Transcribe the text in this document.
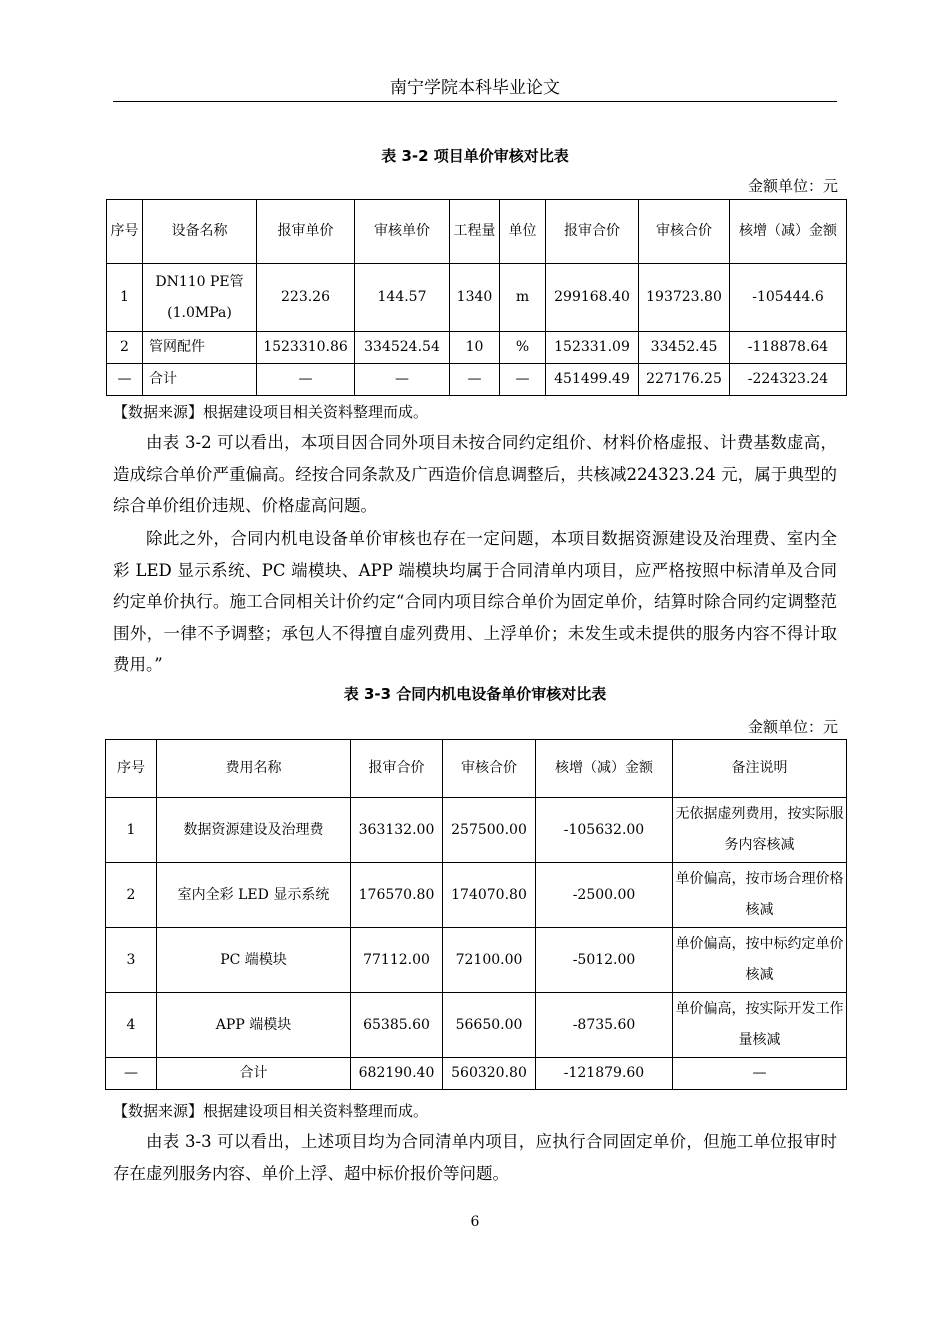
南宁学院本科毕业论文
表 3-2 项目单价审核对比表
金额单位：元
序号	设备名称	报审单价	审核单价	工程量	单位	报审合价	审核合价	核增（减）金额
1	DN110 PE管 (1.0MPa)	223.26	144.57	1340	m	299168.40	193723.80	-105444.6
2	管网配件	1523310.86	334524.54	10	%	152331.09	33452.45	-118878.64
—	合计	—	—	—	—	451499.49	227176.25	-224323.24
【数据来源】根据建设项目相关资料整理而成。

由表 3-2 可以看出，本项目因合同外项目未按合同约定组价、材料价格虚报、计费基数虚高，造成综合单价严重偏高。经按合同条款及广西造价信息调整后，共核减224323.24 元，属于典型的综合单价组价违规、价格虚高问题。

除此之外，合同内机电设备单价审核也存在一定问题，本项目数据资源建设及治理费、室内全彩 LED 显示系统、PC 端模块、APP 端模块均属于合同清单内项目，应严格按照中标清单及合同约定单价执行。施工合同相关计价约定“合同内项目综合单价为固定单价，结算时除合同约定调整范围外，一律不予调整；承包人不得擅自虚列费用、上浮单价；未发生或未提供的服务内容不得计取费用。”

表 3-3 合同内机电设备单价审核对比表
金额单位：元
序号	费用名称	报审合价	审核合价	核增（减）金额	备注说明
1	数据资源建设及治理费	363132.00	257500.00	-105632.00	无依据虚列费用，按实际服务内容核减
2	室内全彩 LED 显示系统	176570.80	174070.80	-2500.00	单价偏高，按市场合理价格核减
3	PC 端模块	77112.00	72100.00	-5012.00	单价偏高，按中标约定单价核减
4	APP 端模块	65385.60	56650.00	-8735.60	单价偏高，按实际开发工作量核减
—	合计	682190.40	560320.80	-121879.60	—
【数据来源】根据建设项目相关资料整理而成。

由表 3-3 可以看出，上述项目均为合同清单内项目，应执行合同固定单价，但施工单位报审时存在虚列服务内容、单价上浮、超中标价报价等问题。

6
